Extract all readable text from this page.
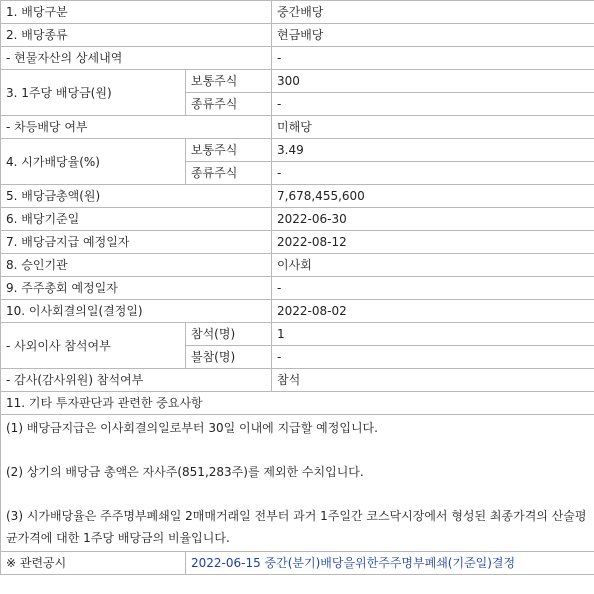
1. 배당구분		중간배당
2. 배당종류		현금배당
- 현물자산의 상세내역		-
3. 1주당 배당금(원)	보통주식	300
	종류주식	-
- 차등배당 여부		미해당
4. 시가배당율(%)	보통주식	3.49
	종류주식	-
5. 배당금총액(원)		7,678,455,600
6. 배당기준일		2022-06-30
7. 배당금지급 예정일자		2022-08-12
8. 승인기관		이사회
9. 주주총회 예정일자		-
10. 이사회결의일(결정일)		2022-08-02
- 사외이사 참석여부	참석(명)	1
	불참(명)	-
- 감사(감사위원) 참석여부		참석
11. 기타 투자판단과 관련한 중요사항		

(1) 배당금지급은 이사회결의일로부터 30일 이내에 지급할 예정입니다.
(2) 상기의 배당금 총액은 자사주(851,283주)를 제외한 수치입니다.
(3) 시가배당율은 주주명부폐쇄일 2매매거래일 전부터 과거 1주일간 코스닥시장에서 형성된 최종가격의 산술평균가격에 대한 1주당 배당금의 비율입니다.		

※ 관련공시	2022-06-15 중간(분기)배당을위한주주명부폐쇄(기준일)결정	
